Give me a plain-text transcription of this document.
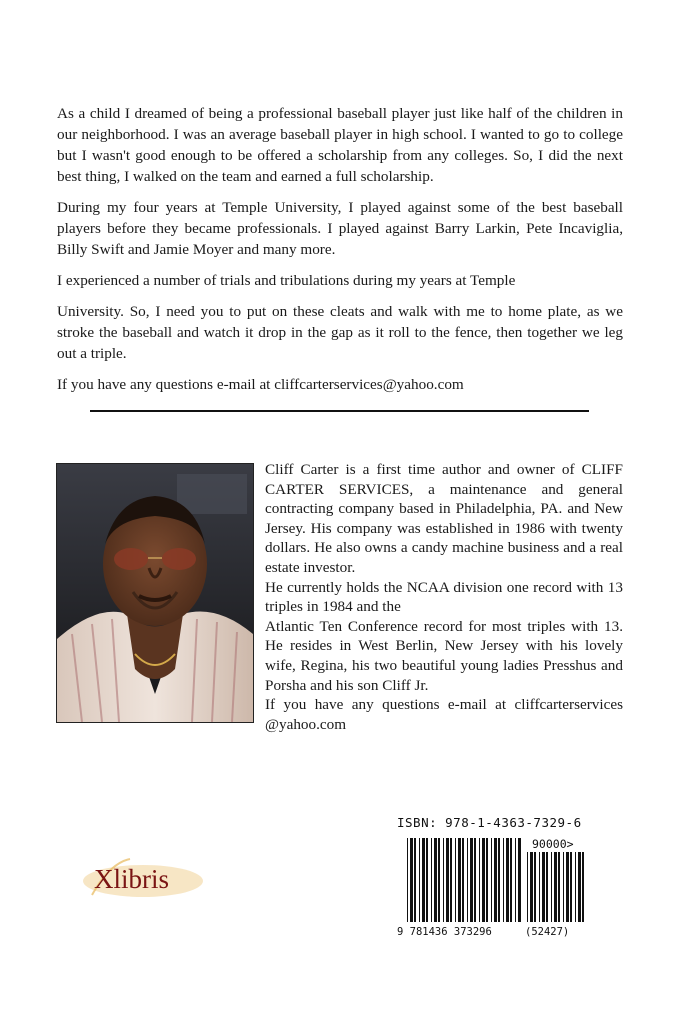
As a child I dreamed of being a professional baseball player just like half of the children in our neighborhood. I was an average baseball player in high school. I wanted to go to college but I wasn't good enough to be offered a scholarship from any colleges. So, I did the next best thing, I walked on the team and earned a full scholarship.

During my four years at Temple University, I played against some of the best baseball players before they became professionals. I played against Barry Larkin, Pete Incaviglia, Billy Swift and Jamie Moyer and many more.

I experienced a number of trials and tribulations during my years at Temple

University. So, I need you to put on these cleats and walk with me to home plate, as we stroke the baseball and watch it drop in the gap as it roll to the fence, then together we leg out a triple.

If you have any questions e-mail at cliffcarterservices@yahoo.com

Cliff Carter is a first time author and owner of CLIFF CARTER SERVICES, a maintenance and general contracting company based in Philadelphia, PA. and New Jersey. His company was established in 1986 with twenty dollars. He also owns a candy machine business and a real estate investor.

He currently holds the NCAA division one record with 13 triples in 1984 and the

Atlantic Ten Conference record for most triples with 13. He resides in West Berlin, New Jersey with his lovely wife, Regina, his two beautiful young ladies Presshus and Porsha and his son Cliff Jr.

If you have any questions e-mail at cliffcarterservices @yahoo.com

ISBN: 978-1-4363-7329-6
90000>
9 781436 373296	(52427)
Xlibris
